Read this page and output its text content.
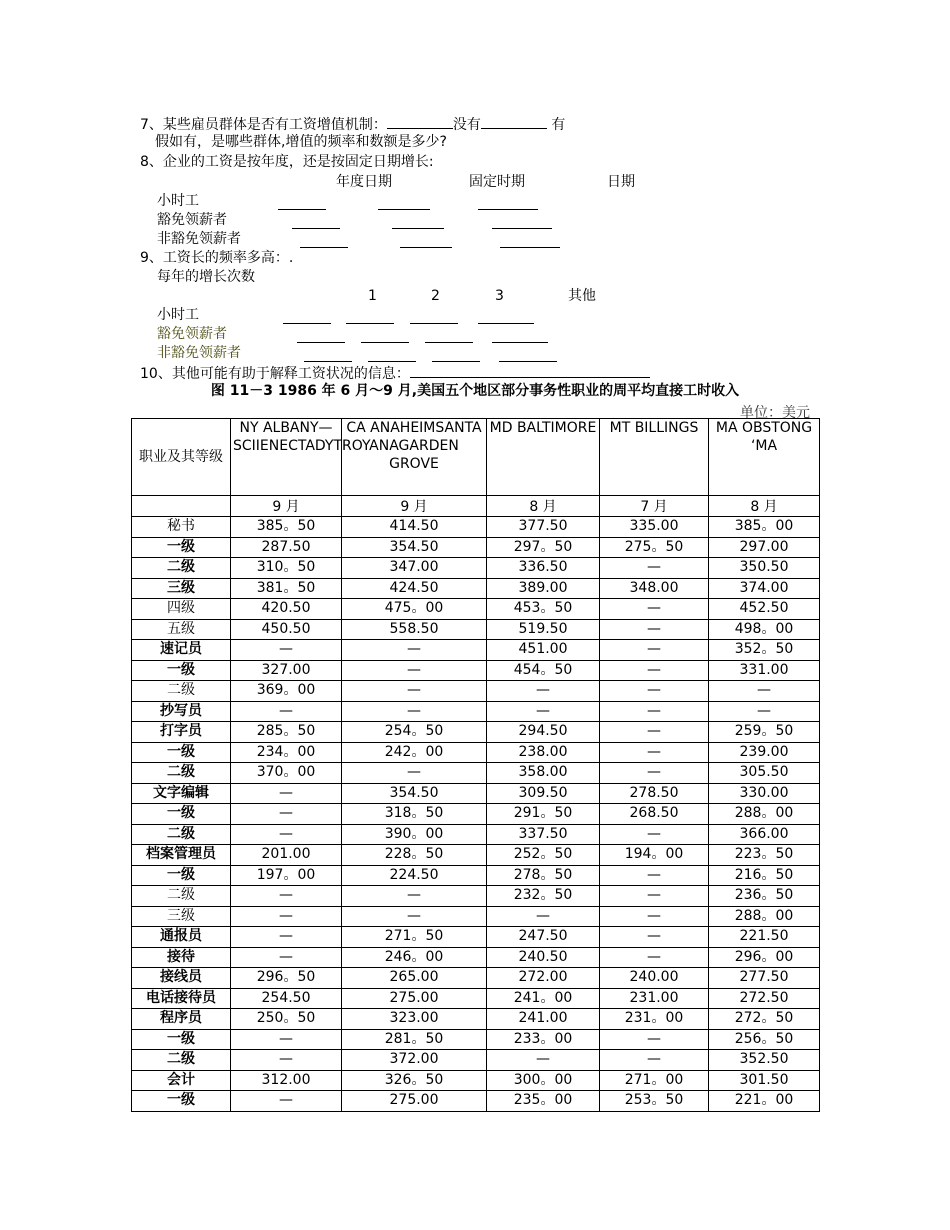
7、某些雇员群体是否有工资增值机制：	没有	有
假如有，是哪些群体,增值的频率和数额是多少?
8、企业的工资是按年度，还是按固定日期增长:
年度日期	固定时期	日期
小时工
豁免领薪者
非豁免领薪者
9、工资长的频率多高：.
每年的增长次数
1	2	3	其他
小时工
豁免领薪者
非豁免领薪者
10、其他可能有助于解释工资状况的信息：
图 11－3 1986 年 6 月～9 月,美国五个地区部分事务性职业的周平均直接工时收入
单位：美元
职业及其等级	NY ALBANY—SCIIENECTADYTROY	CA ANAHEIMSANTA ANAGARDEN GROVE	MD BALTIMORE	MT BILLINGS	MA OBSTONG ‘MA
	9 月	9 月	8 月	7 月	8 月
秘书	385。50	414.50	377.50	335.00	385。00
一级	287.50	354.50	297。50	275。50	297.00
二级	310。50	347.00	336.50	—	350.50
三级	381。50	424.50	389.00	348.00	374.00
四级	420.50	475。00	453。50	—	452.50
五级	450.50	558.50	519.50	—	498。00
速记员	—	—	451.00	—	352。50
一级	327.00	—	454。50	—	331.00
二级	369。00	—	—	—	—
抄写员	—	—	—	—	—
打字员	285。50	254。50	294.50	—	259。50
一级	234。00	242。00	238.00	—	239.00
二级	370。00	—	358.00	—	305.50
文字编辑	—	354.50	309.50	278.50	330.00
一级	—	318。50	291。50	268.50	288。00
二级	—	390。00	337.50	—	366.00
档案管理员	201.00	228。50	252。50	194。00	223。50
一级	197。00	224.50	278。50	—	216。50
二级	—	—	232。50	—	236。50
三级	—	—	—	—	288。00
通报员	—	271。50	247.50	—	221.50
接待	—	246。00	240.50	—	296。00
接线员	296。50	265.00	272.00	240.00	277.50
电话接待员	254.50	275.00	241。00	231.00	272.50
程序员	250。50	323.00	241.00	231。00	272。50
一级	—	281。50	233。00	—	256。50
二级	—	372.00	—	—	352.50
会计	312.00	326。50	300。00	271。00	301.50
一级	—	275.00	235。00	253。50	221。00
